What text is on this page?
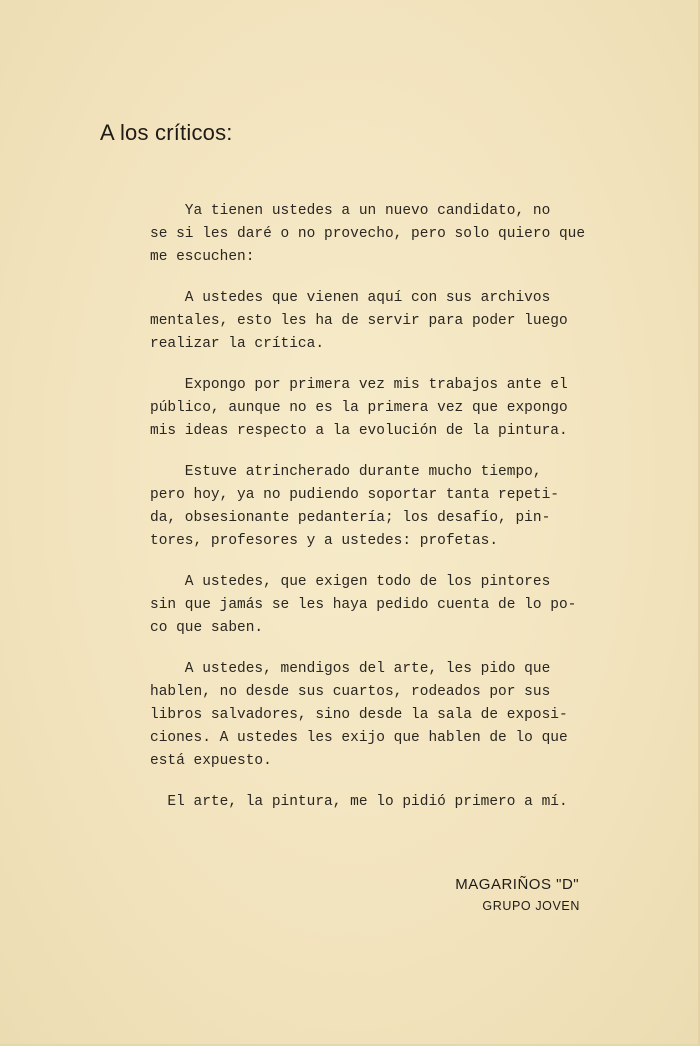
A los críticos:

Ya tienen ustedes a un nuevo candidato, no
se si les daré o no provecho, pero solo quiero que
me escuchen:

A ustedes que vienen aquí con sus archivos
mentales, esto les ha de servir para poder luego
realizar la crítica.

Expongo por primera vez mis trabajos ante el
público, aunque no es la primera vez que expongo
mis ideas respecto a la evolución de la pintura.

Estuve atrincherado durante mucho tiempo,
pero hoy, ya no pudiendo soportar tanta repeti-
da, obsesionante pedantería; los desafío, pin-
tores, profesores y a ustedes: profetas.

A ustedes, que exigen todo de los pintores
sin que jamás se les haya pedido cuenta de lo po-
co que saben.

A ustedes, mendigos del arte, les pido que
hablen, no desde sus cuartos, rodeados por sus
libros salvadores, sino desde la sala de exposi-
ciones. A ustedes les exijo que hablen de lo que
está expuesto.

El arte, la pintura, me lo pidió primero a mí.

MAGARIÑOS "D"
GRUPO JOVEN
